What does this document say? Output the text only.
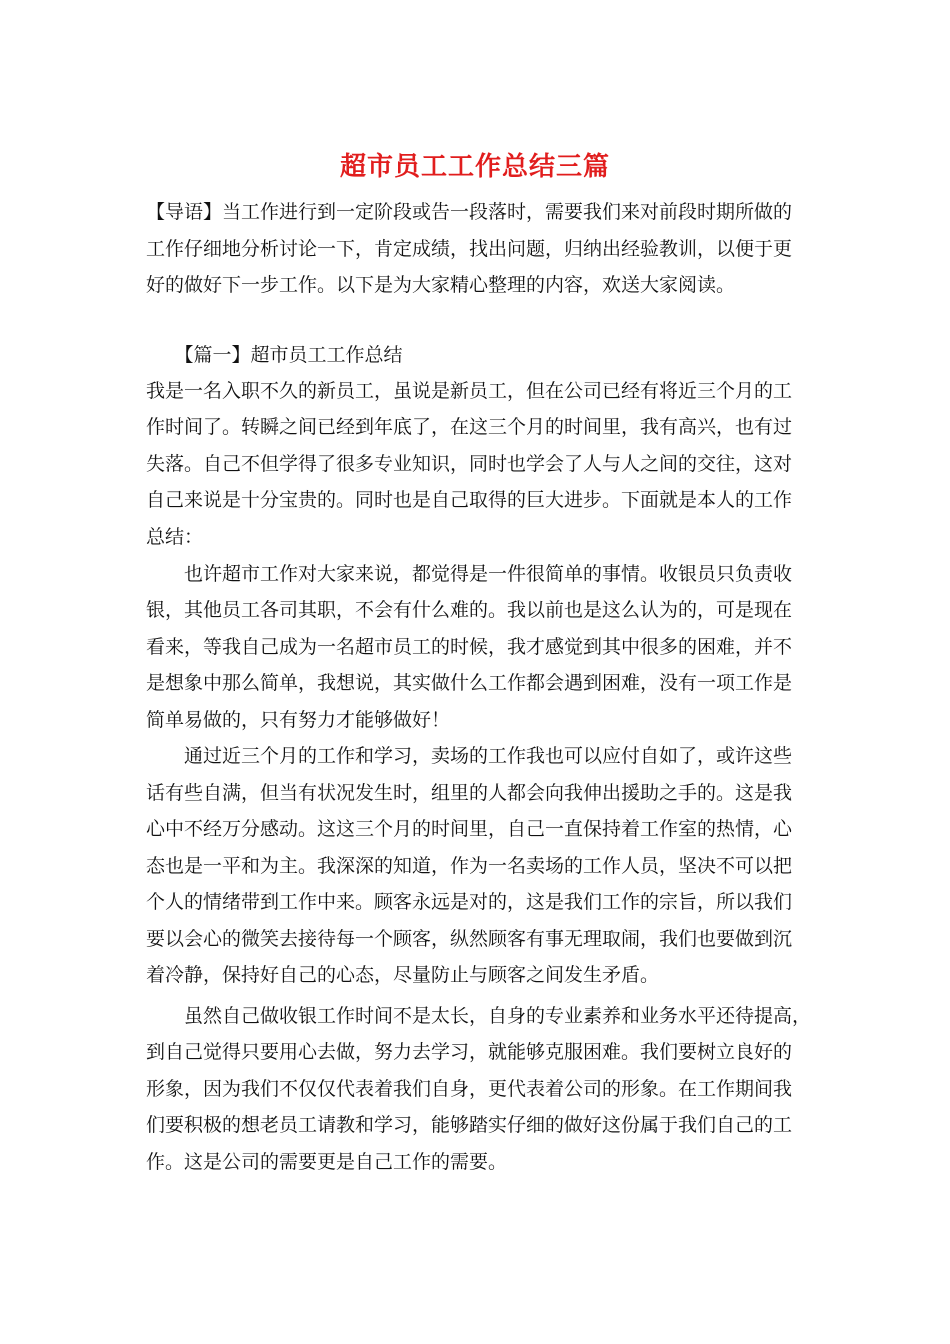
超市员工工作总结三篇
【导语】当工作进行到一定阶段或告一段落时，需要我们来对前段时期所做的
工作仔细地分析讨论一下，肯定成绩，找出问题，归纳出经验教训，以便于更
好的做好下一步工作。以下是为大家精心整理的内容，欢送大家阅读。
　　【篇一】超市员工工作总结
我是一名入职不久的新员工，虽说是新员工，但在公司已经有将近三个月的工
作时间了。转瞬之间已经到年底了，在这三个月的时间里，我有高兴，也有过
失落。自己不但学得了很多专业知识，同时也学会了人与人之间的交往，这对
自己来说是十分宝贵的。同时也是自己取得的巨大进步。下面就是本人的工作
总结：
　　也许超市工作对大家来说，都觉得是一件很简单的事情。收银员只负责收
银，其他员工各司其职，不会有什么难的。我以前也是这么认为的，可是现在
看来，等我自己成为一名超市员工的时候，我才感觉到其中很多的困难，并不
是想象中那么简单，我想说，其实做什么工作都会遇到困难，没有一项工作是
简单易做的，只有努力才能够做好！
　　通过近三个月的工作和学习，卖场的工作我也可以应付自如了，或许这些
话有些自满，但当有状况发生时，组里的人都会向我伸出援助之手的。这是我
心中不经万分感动。这这三个月的时间里，自己一直保持着工作室的热情，心
态也是一平和为主。我深深的知道，作为一名卖场的工作人员，坚决不可以把
个人的情绪带到工作中来。顾客永远是对的，这是我们工作的宗旨，所以我们
要以会心的微笑去接待每一个顾客，纵然顾客有事无理取闹，我们也要做到沉
着冷静，保持好自己的心态，尽量防止与顾客之间发生矛盾。
　　虽然自己做收银工作时间不是太长，自身的专业素养和业务水平还待提高，
到自己觉得只要用心去做，努力去学习，就能够克服困难。我们要树立良好的
形象，因为我们不仅仅代表着我们自身，更代表着公司的形象。在工作期间我
们要积极的想老员工请教和学习，能够踏实仔细的做好这份属于我们自己的工
作。这是公司的需要更是自己工作的需要。
